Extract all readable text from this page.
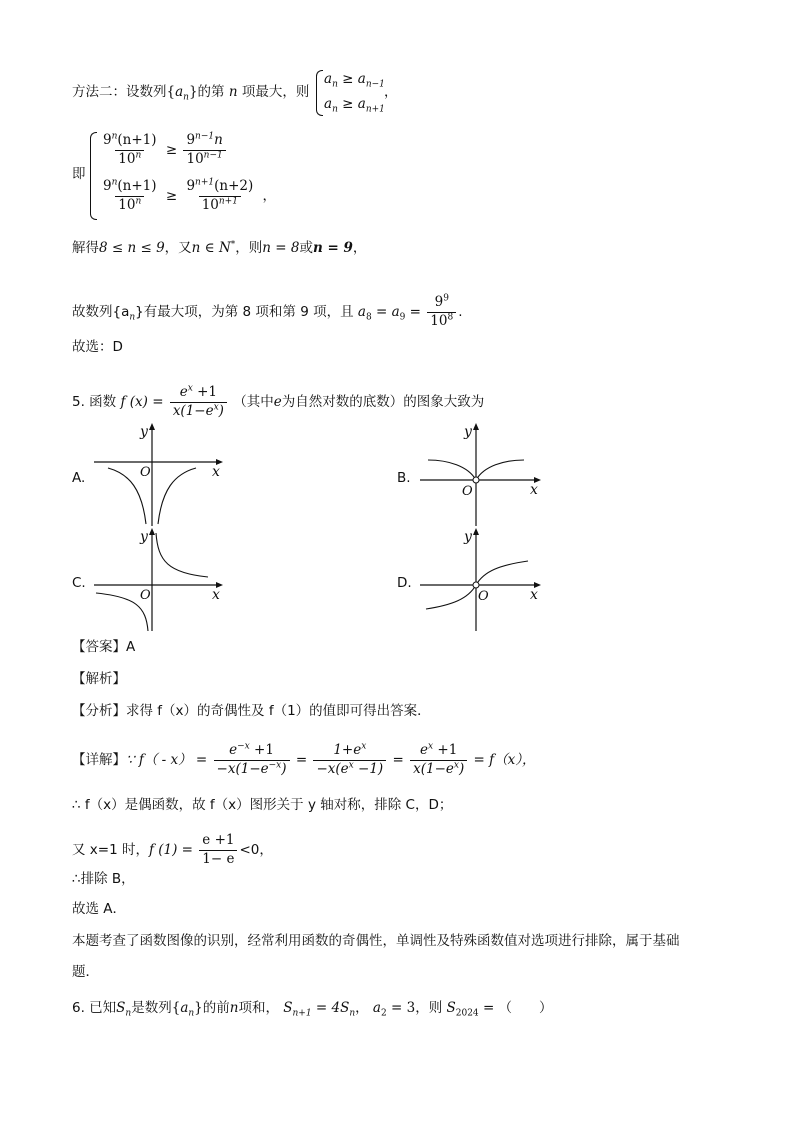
方法二：设数列$\{a_n\}$的第 n 项最大，则
$a_n \ge a_{n-1}$
$a_n \ge a_{n+1}$
，
即
$\frac{9^n(n+1)}{10^n} \ge \frac{9^{n-1}n}{10^{n-1}}$
$\frac{9^n(n+1)}{10^n} \ge \frac{9^{n+1}(n+2)}{10^{n+1}}$ ，
解得8 ≤ n ≤ 9，又n ∈ N*，则n = 8或n = 9，
故数列$\{a_n\}$有最大项，为第 8 项和第 9 项，且 $a_8 = a_9 = \frac{9^9}{10^8}$ .
故选：D
5. 函数 f $(x) = \frac{e^x +1}{x(1-e^x)}$ （其中e为自然对数的底数）的图象大致为
A.	B.
C.	D.
x
y
O
x
y
O
x
y
O	x
y
O
【答案】A
【解析】
【分析】求得 f（x）的奇偶性及 f（1）的值即可得出答案．
【详解】∵ $f( - x) = \frac{e^{-x} +1}{-x(1-e^{-x})} = \frac{1+e^x}{-x(e^x -1)} = \frac{e^x +1}{x(1-e^x)} = f(x)$，
∴ f（x）是偶函数，故 f（x）图形关于 y 轴对称，排除 C，D；
又 x=1 时，f $(1) = \frac{e +1}{1- e} <0$，
∴排除 B，
故选 A．
本题考查了函数图像的识别，经常利用函数的奇偶性，单调性及特殊函数值对选项进行排除，属于基础
题．
6. 已知$S_n$是数列$\{a_n\}$的前n项和， $S_{n+1} = 4S_n$， $a_2 = 3$，则 $S_{2024}$ = （　　）
